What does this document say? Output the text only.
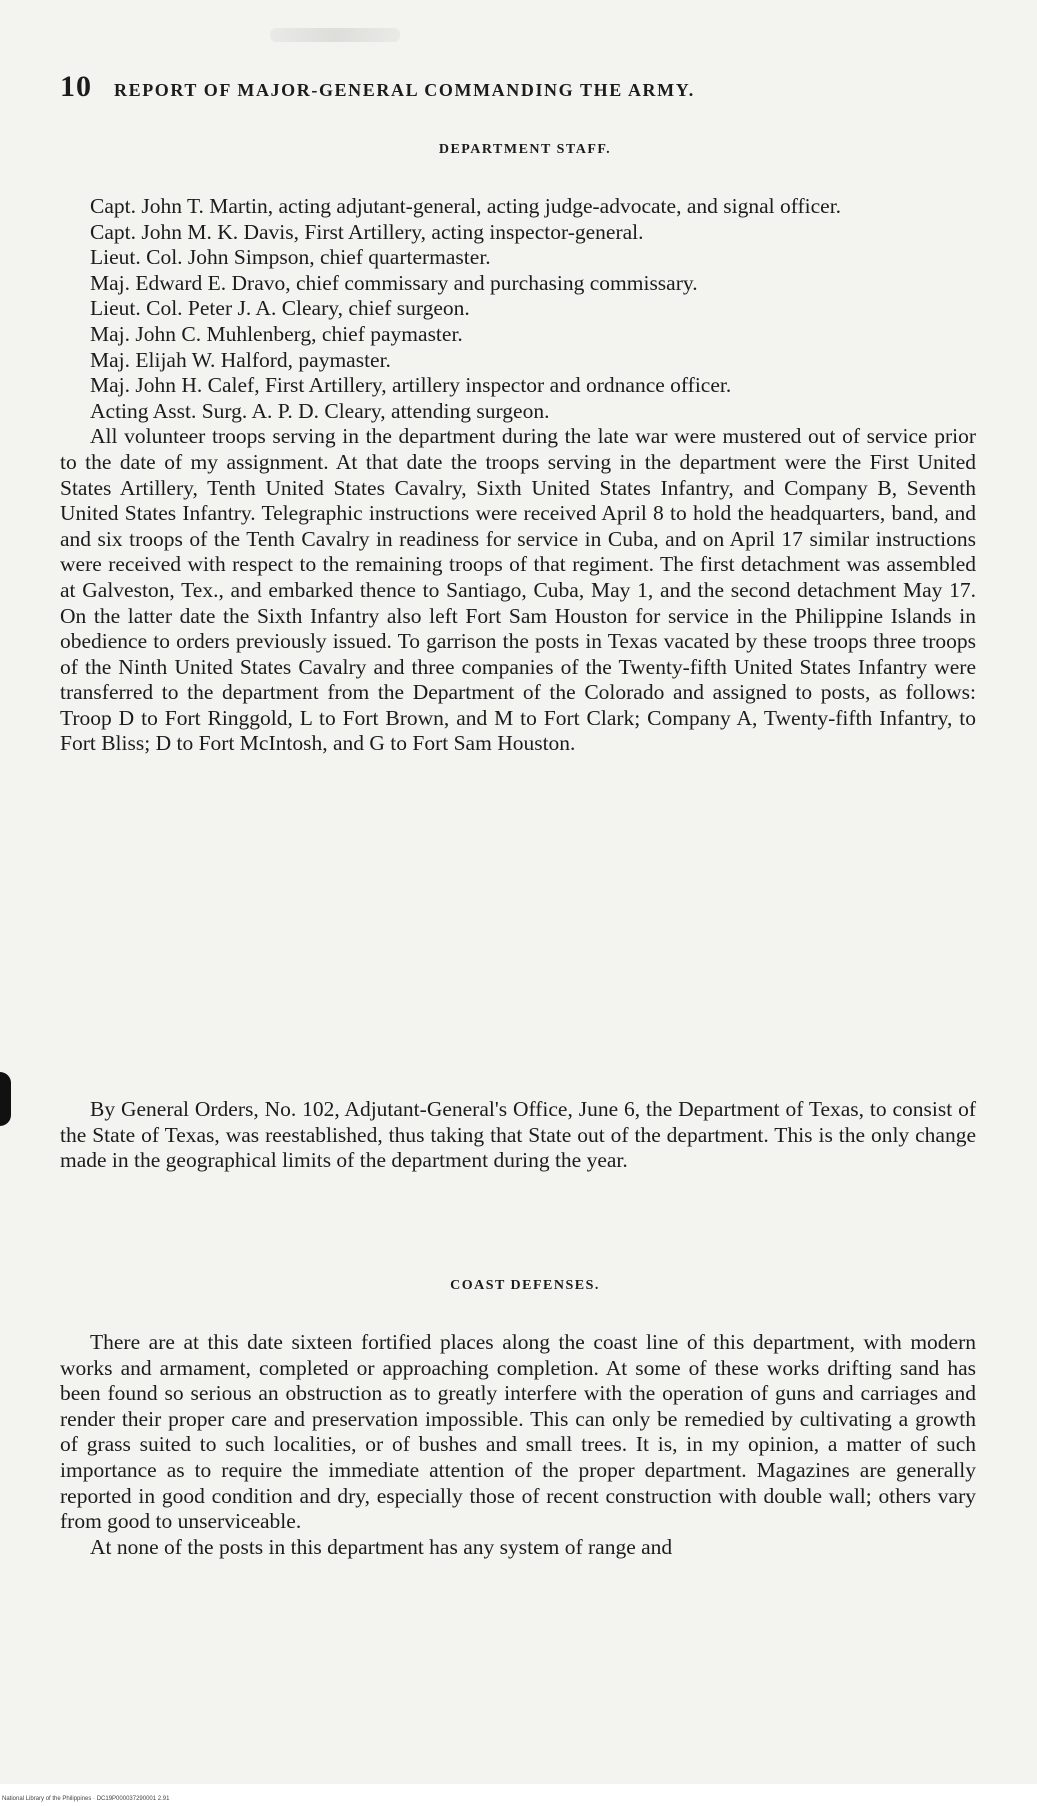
10 REPORT OF MAJOR-GENERAL COMMANDING THE ARMY.
DEPARTMENT STAFF.

Capt. John T. Martin, acting adjutant-general, acting judge-advocate, and signal officer.

Capt. John M. K. Davis, First Artillery, acting inspector-general.

Lieut. Col. John Simpson, chief quartermaster.

Maj. Edward E. Dravo, chief commissary and purchasing commissary.

Lieut. Col. Peter J. A. Cleary, chief surgeon.

Maj. John C. Muhlenberg, chief paymaster.

Maj. Elijah W. Halford, paymaster.

Maj. John H. Calef, First Artillery, artillery inspector and ordnance officer.

Acting Asst. Surg. A. P. D. Cleary, attending surgeon.

All volunteer troops serving in the department during the late war were mustered out of service prior to the date of my assignment. At that date the troops serving in the department were the First United States Artillery, Tenth United States Cavalry, Sixth United States Infantry, and Company B, Seventh United States Infantry. Telegraphic instructions were received April 8 to hold the headquarters, band, and and six troops of the Tenth Cavalry in readiness for service in Cuba, and on April 17 similar instructions were received with respect to the remaining troops of that regiment. The first detachment was assembled at Galveston, Tex., and embarked thence to Santiago, Cuba, May 1, and the second detachment May 17. On the latter date the Sixth Infantry also left Fort Sam Houston for service in the Philippine Islands in obedience to orders previously issued. To garrison the posts in Texas vacated by these troops three troops of the Ninth United States Cavalry and three companies of the Twenty-fifth United States Infantry were transferred to the department from the Department of the Colorado and assigned to posts, as follows: Troop D to Fort Ringgold, L to Fort Brown, and M to Fort Clark; Company A, Twenty-fifth Infantry, to Fort Bliss; D to Fort McIntosh, and G to Fort Sam Houston.

By General Orders, No. 102, Adjutant-General's Office, June 6, the Department of Texas, to consist of the State of Texas, was reestablished, thus taking that State out of the department. This is the only change made in the geographical limits of the department during the year.

COAST DEFENSES.

There are at this date sixteen fortified places along the coast line of this department, with modern works and armament, completed or approaching completion. At some of these works drifting sand has been found so serious an obstruction as to greatly interfere with the operation of guns and carriages and render their proper care and preservation impossible. This can only be remedied by cultivating a growth of grass suited to such localities, or of bushes and small trees. It is, in my opinion, a matter of such importance as to require the immediate attention of the proper department. Magazines are generally reported in good condition and dry, especially those of recent construction with double wall; others vary from good to unserviceable.

At none of the posts in this department has any system of range and

National Library of the Philippines · DC19P000037290001 2.91
